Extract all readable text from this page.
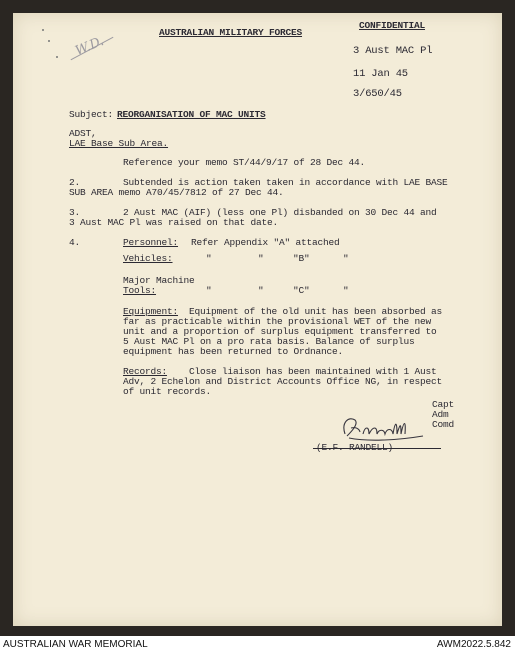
W.D.
AUSTRALIAN MILITARY FORCES
CONFIDENTIAL
3 Aust MAC Pl
11 Jan 45
3/650/45
Subject: REORGANISATION OF MAC UNITS
ADST,
LAE Base Sub Area.
Reference your memo ST/44/9/17 of 28 Dec 44.
2.	Subtended is action taken taken in accordance with LAE BASE
SUB AREA memo A70/45/7812 of 27 Dec 44.
3.	2 Aust MAC (AIF) (less one Pl) disbanded on 30 Dec 44 and
3 Aust MAC Pl was raised on that date.
4.	Personnel: Refer Appendix "A" attached
Vehicles:	"	"	"B"	"
Major Machine
Tools:	"	"	"C"	"
Equipment: Equipment of the old unit has been absorbed as
far as practicable within the provisional WET of the new
unit and a proportion of surplus equipment transferred to
5 Aust MAC Pl on a pro rata basis. Balance of surplus
equipment has been returned to Ordnance.
Records: Close liaison has been maintained with 1 Aust
Adv, 2 Echelon and District Accounts Office NG, in respect
of unit records.
(E.F. RANDELL)
Capt
Adm
Comd
AUSTRALIAN WAR MEMORIAL	AWM2022.5.842
